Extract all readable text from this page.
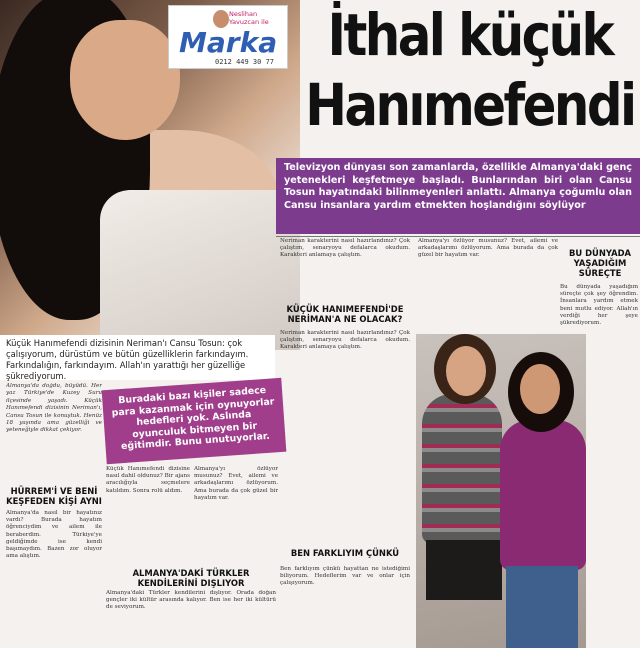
Neslihan Yavuzcan ile
Marka
0212 449 30 77 İthal küçük
Hanımefendi
Televizyon dünyası son zamanlarda, özellikle Almanya'daki genç yetenekleri keşfetmeye başladı. Bunlarından biri olan Cansu Tosun hayatındaki bilinmeyenleri anlattı. Almanya çoğumlu olan Cansu insanlara yardım etmekten hoşlandığını söylüyor
Küçük Hanımefendi dizisinin Neriman'ı Cansu Tosun: çok çalışıyorum, dürüstüm ve bütün güzelliklerin farkındayım. Farkındalığın, farkındayım. Allah'ın yarattığı her güzelliğe şükrediyorum.
Almanya'da doğdu, büyüdü. Her yaz Türkiye'de Kuzey Suru ilçesinde yaşadı. Küçük Hanımefendi dizisinin Neriman'ı, Cansu Tosun ile konuştuk. Henüz 18 yaşında ama güzelliği ve yeteneğiyle dikkat çekiyor.
Buradaki bazı kişiler sadece para kazanmak için oynuyorlar hedefleri yok. Aslında oyunculuk bitmeyen bir eğitimdir. Bunu unutuyorlar.
HÜRREM'İ VE BENİ KEŞFEDEN KİŞİ AYNI
ALMANYA'DAKİ TÜRKLER KENDİLERİNİ DIŞLIYOR
KÜÇÜK HANIMEFENDİ'DE NERİMAN'A NE OLACAK?
BEN FARKLIYIM ÇÜNKÜ
BU DÜNYADA YAŞADIĞIM SÜREÇTE
Almanya'da nasıl bir hayatınız vardı? Burada hayatım öğrenciydim ve ailem ile beraberdim. Türkiye'ye geldiğimde ise kendi başımaydım. Bazen zor oluyor ama alıştım.
Küçük Hanımefendi dizisine nasıl dahil oldunuz? Bir ajans aracılığıyla seçmelere katıldım. Sonra rolü aldım.
Almanya'yı özlüyor musunuz? Evet, ailemi ve arkadaşlarımı özlüyorum. Ama burada da çok güzel bir hayatım var.
Almanya'daki Türkler kendilerini dışlıyor. Orada doğan gençler iki kültür arasında kalıyor. Ben ise her iki kültürü de seviyorum.
Neriman karakterini nasıl hazırlandınız? Çok çalıştım, senaryoyu defalarca okudum. Karakteri anlamaya çalıştım.
Neriman karakterini nasıl hazırlandınız? Çok çalıştım, senaryoyu defalarca okudum. Karakteri anlamaya çalıştım.
Ben farklıyım çünkü hayattan ne istediğimi biliyorum. Hedeflerim var ve onlar için çalışıyorum.
Almanya'yı özlüyor musunuz? Evet, ailemi ve arkadaşlarımı özlüyorum. Ama burada da çok güzel bir hayatım var.
Bu dünyada yaşadığım süreçte çok şey öğrendim. İnsanlara yardım etmek beni mutlu ediyor. Allah'ın verdiği her şeye şükrediyorum.
